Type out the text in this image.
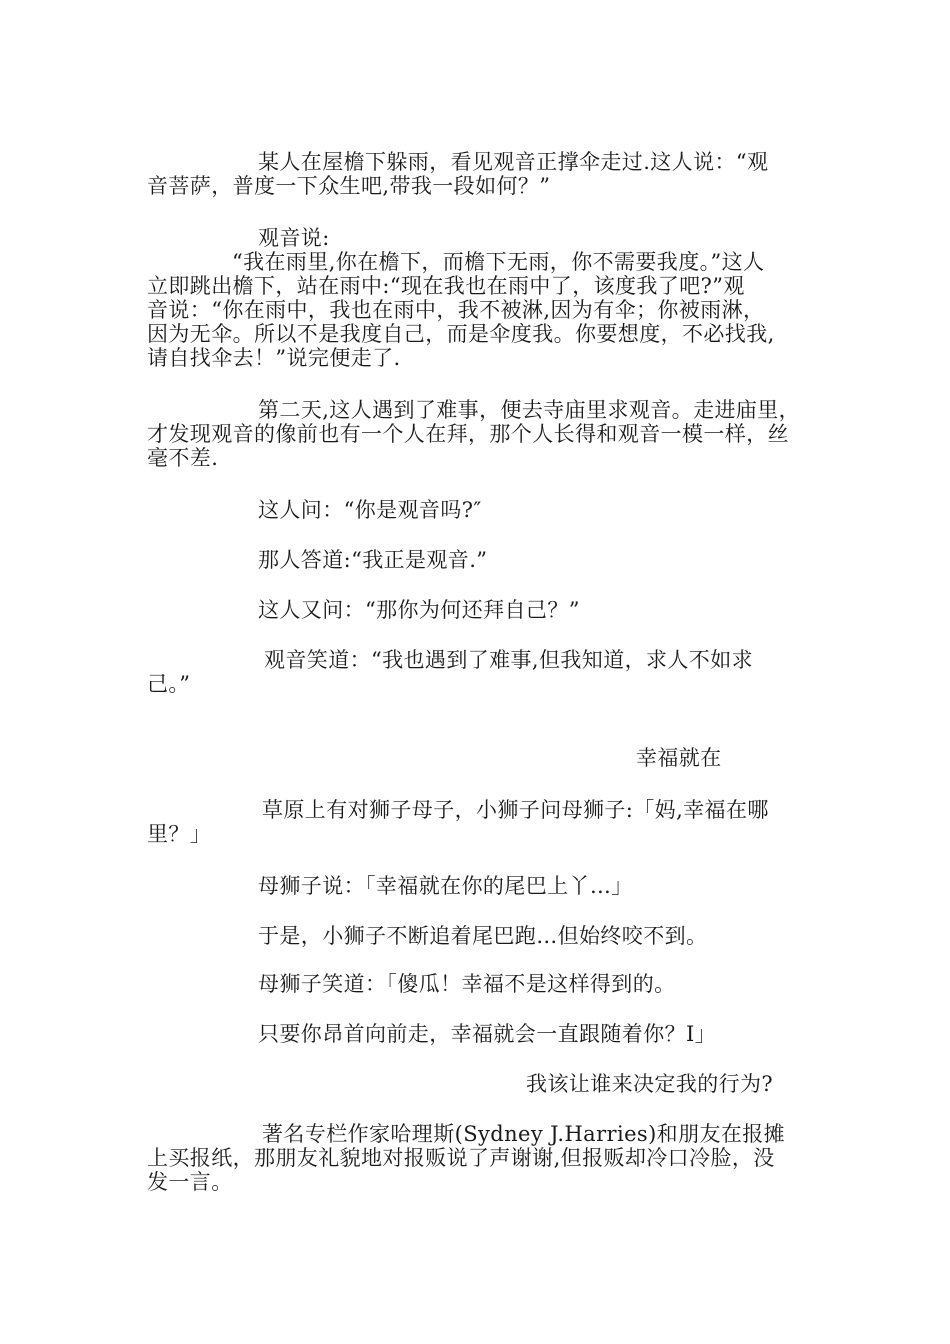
某人在屋檐下躲雨，看见观音正撑伞走过.这人说：“观
音菩萨，普度一下众生吧,带我一段如何？”
观音说:
“我在雨里,你在檐下，而檐下无雨，你不需要我度。”这人
立即跳出檐下，站在雨中:“现在我也在雨中了，该度我了吧?”观
音说：“你在雨中，我也在雨中，我不被淋,因为有伞；你被雨淋，
因为无伞。所以不是我度自己，而是伞度我。你要想度，不必找我,
请自找伞去！”说完便走了.
第二天,这人遇到了难事，便去寺庙里求观音。走进庙里，
才发现观音的像前也有一个人在拜，那个人长得和观音一模一样，丝
毫不差.
这人问：“你是观音吗?″
那人答道:“我正是观音.”
这人又问：“那你为何还拜自己？”
观音笑道：“我也遇到了难事,但我知道，求人不如求
己。”
幸福就在
草原上有对狮子母子，小狮子问母狮子:「妈,幸福在哪
里？」
母狮子说：「幸福就在你的尾巴上丫…」
于是，小狮子不断追着尾巴跑…但始终咬不到。
母狮子笑道：「傻瓜！幸福不是这样得到的。
只要你昂首向前走，幸福就会一直跟随着你？I」
我该让谁来决定我的行为?
著名专栏作家哈理斯(Sydney J.Harries)和朋友在报摊
上买报纸，那朋友礼貌地对报贩说了声谢谢,但报贩却冷口冷脸，没
发一言。
